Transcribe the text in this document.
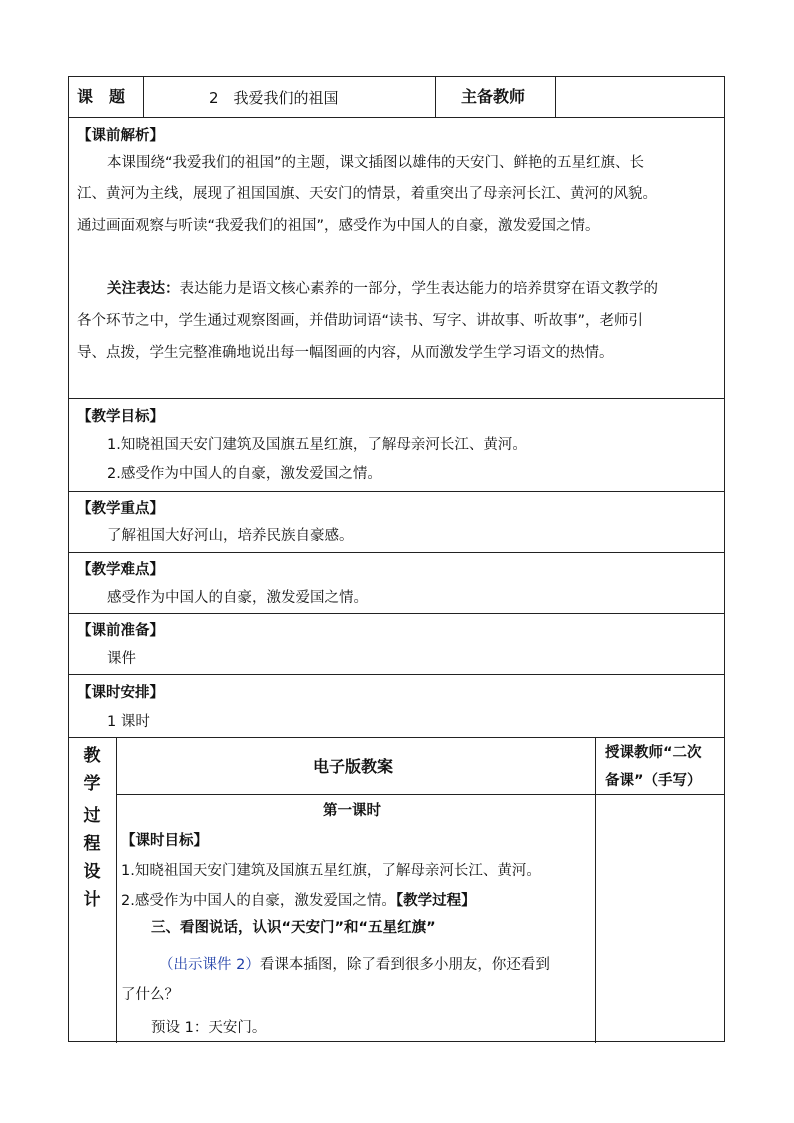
课　题	2　我爱我们的祖国	主备教师
【课前解析】
本课围绕“我爱我们的祖国”的主题，课文插图以雄伟的天安门、鲜艳的五星红旗、长
江、黄河为主线，展现了祖国国旗、天安门的情景，着重突出了母亲河长江、黄河的风貌。
通过画面观察与听读“我爱我们的祖国”，感受作为中国人的自豪，激发爱国之情。
关注表达：表达能力是语文核心素养的一部分，学生表达能力的培养贯穿在语文教学的
各个环节之中，学生通过观察图画，并借助词语“读书、写字、讲故事、听故事”，老师引
导、点拨，学生完整准确地说出每一幅图画的内容，从而激发学生学习语文的热情。
【教学目标】
1.知晓祖国天安门建筑及国旗五星红旗，了解母亲河长江、黄河。
2.感受作为中国人的自豪，激发爱国之情。
【教学重点】
了解祖国大好河山，培养民族自豪感。
【教学难点】
感受作为中国人的自豪，激发爱国之情。
【课前准备】
课件
【课时安排】
1 课时
教
学
过
程
设
计
电子版教案
授课教师“二次
备课”（手写）
第一课时
【课时目标】
1.知晓祖国天安门建筑及国旗五星红旗，了解母亲河长江、黄河。
2.感受作为中国人的自豪，激发爱国之情。【教学过程】
三、看图说话，认识“天安门”和“五星红旗”
（出示课件 2）看课本插图，除了看到很多小朋友，你还看到
了什么？
预设 1：天安门。
